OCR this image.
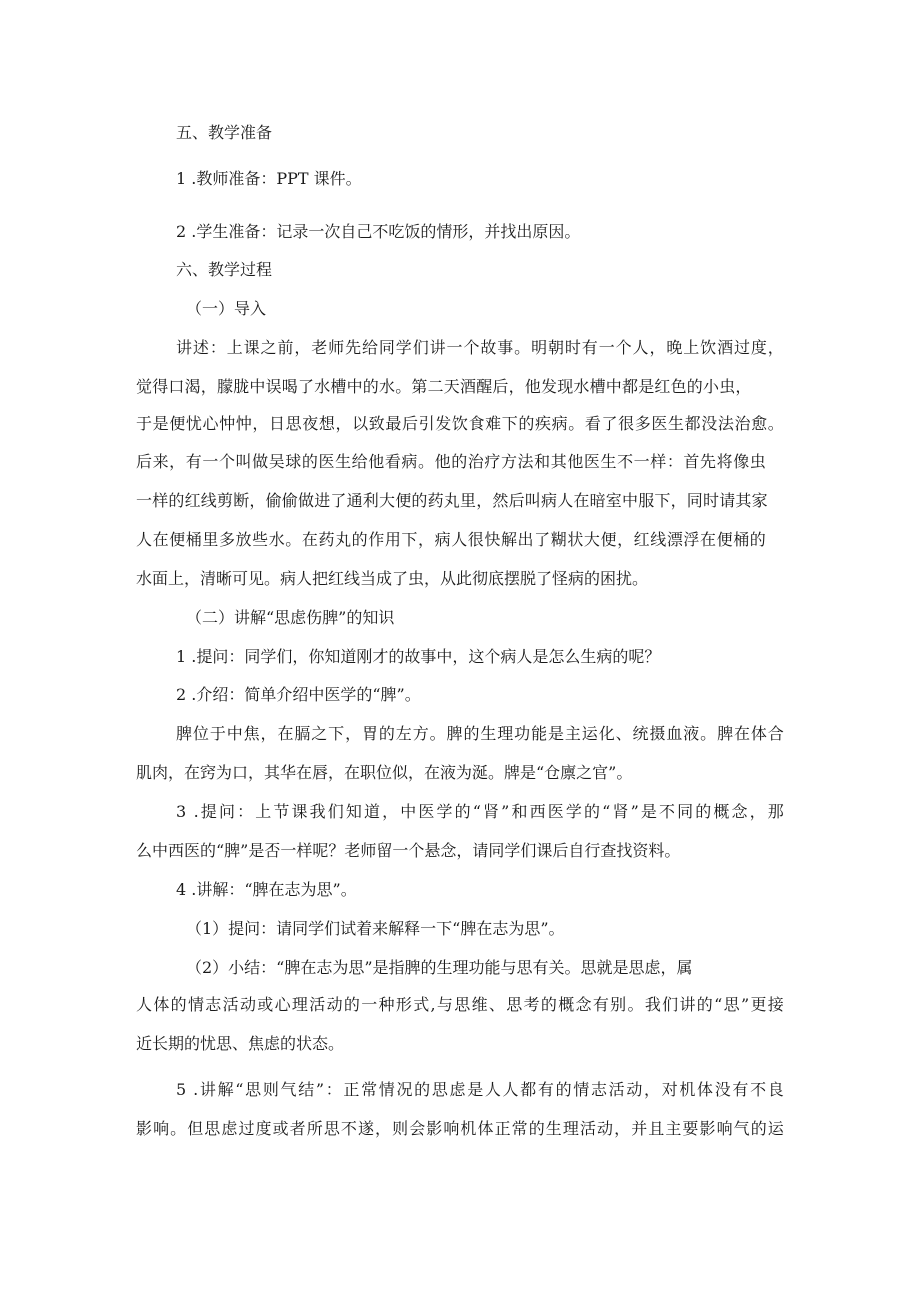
五、教学准备

1 .教师准备：PPT 课件。

2 .学生准备：记录一次自己不吃饭的情形，并找出原因。

六、教学过程

（一）导入

讲述：上课之前，老师先给同学们讲一个故事。明朝时有一个人，晚上饮酒过度，

觉得口渴，朦胧中误喝了水槽中的水。第二天酒醒后，他发现水槽中都是红色的小虫，

于是便忧心忡忡，日思夜想，以致最后引发饮食难下的疾病。看了很多医生都没法治愈。

后来，有一个叫做吴球的医生给他看病。他的治疗方法和其他医生不一样：首先将像虫

一样的红线剪断，偷偷做进了通利大便的药丸里，然后叫病人在暗室中服下，同时请其家

人在便桶里多放些水。在药丸的作用下，病人很快解出了糊状大便，红线漂浮在便桶的

水面上，清晰可见。病人把红线当成了虫，从此彻底摆脱了怪病的困扰。

（二）讲解“思虑伤脾”的知识

1 .提问：同学们，你知道刚才的故事中，这个病人是怎么生病的呢？

2 .介绍：简单介绍中医学的“脾”。

脾位于中焦，在膈之下，胃的左方。脾的生理功能是主运化、统摄血液。脾在体合

肌肉，在窍为口，其华在唇，在职位似，在液为涎。牌是“仓廪之官”。

3 .提问：上节课我们知道，中医学的“肾”和西医学的“肾”是不同的概念，那

么中西医的“脾”是否一样呢？老师留一个悬念，请同学们课后自行查找资料。

4 .讲解：“脾在志为思”。

（1）提问：请同学们试着来解释一下“脾在志为思”。

（2）小结：“脾在志为思”是指脾的生理功能与思有关。思就是思虑，属

人体的情志活动或心理活动的一种形式,与思维、思考的概念有别。我们讲的“思”更接

近长期的忧思、焦虑的状态。

5 .讲解“思则气结”：正常情况的思虑是人人都有的情志活动，对机体没有不良

影响。但思虑过度或者所思不遂，则会影响机体正常的生理活动，并且主要影响气的运
